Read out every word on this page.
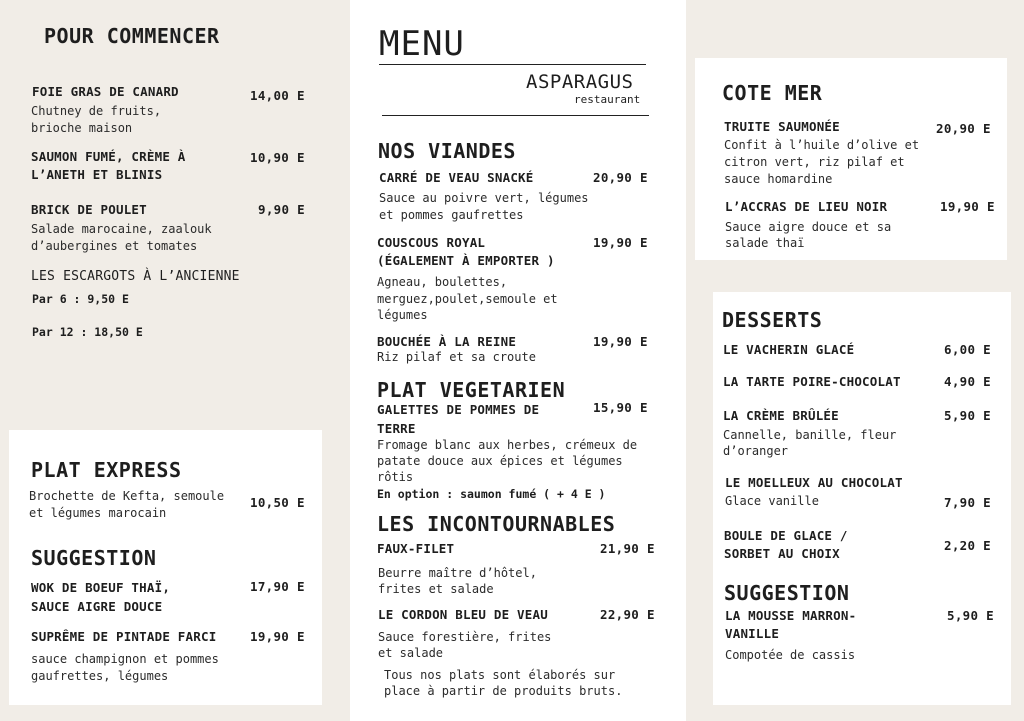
POUR COMMENCER
FOIE GRAS DE CANARD	14,00 E
Chutney de fruits,
brioche maison
SAUMON FUMÉ, CRÈME À
L’ANETH ET BLINIS
10,90 E
BRICK DE POULET	9,90 E
Salade marocaine, zaalouk
d’aubergines et tomates
LES ESCARGOTS À L’ANCIENNE
Par 6 : 9,50 E
Par 12 : 18,50 E
PLAT EXPRESS
Brochette de Kefta, semoule
et légumes marocain
10,50 E
SUGGESTION
WOK DE BOEUF THAÏ,
SAUCE AIGRE DOUCE
17,90 E
SUPRÊME DE PINTADE FARCI	19,90 E
sauce champignon et pommes
gaufrettes, légumes
MENU
ASPARAGUS
restaurant
NOS VIANDES
CARRÉ DE VEAU SNACKÉ	20,90 E
Sauce au poivre vert, légumes
et pommes gaufrettes
COUSCOUS ROYAL
(ÉGALEMENT À EMPORTER )
19,90 E
Agneau, boulettes,
merguez,poulet,semoule et
légumes
BOUCHÉE À LA REINE	19,90 E
Riz pilaf et sa croute
PLAT VEGETARIEN
GALETTES DE POMMES DE
TERRE
15,90 E
Fromage blanc aux herbes, crémeux de
patate douce aux épices et légumes
rôtis
En option : saumon fumé ( + 4 E )
LES INCONTOURNABLES
FAUX-FILET	21,90 E
Beurre maître d’hôtel,
frites et salade
LE CORDON BLEU DE VEAU	22,90 E
Sauce forestière, frites
et salade
Tous nos plats sont élaborés sur
place à partir de produits bruts.
COTE MER
TRUITE SAUMONÉE	20,90 E
Confit à l’huile d’olive et
citron vert, riz pilaf et
sauce homardine
L’ACCRAS DE LIEU NOIR	19,90 E
Sauce aigre douce et sa
salade thaï
DESSERTS
LE VACHERIN GLACÉ	6,00 E
LA TARTE POIRE-CHOCOLAT	4,90 E
LA CRÈME BRÛLÉE	5,90 E
Cannelle, banille, fleur
d’oranger
LE MOELLEUX AU CHOCOLAT
Glace vanille	7,90 E
BOULE DE GLACE /
SORBET AU CHOIX
2,20 E
SUGGESTION
LA MOUSSE MARRON-
VANILLE
5,90 E
Compotée de cassis
